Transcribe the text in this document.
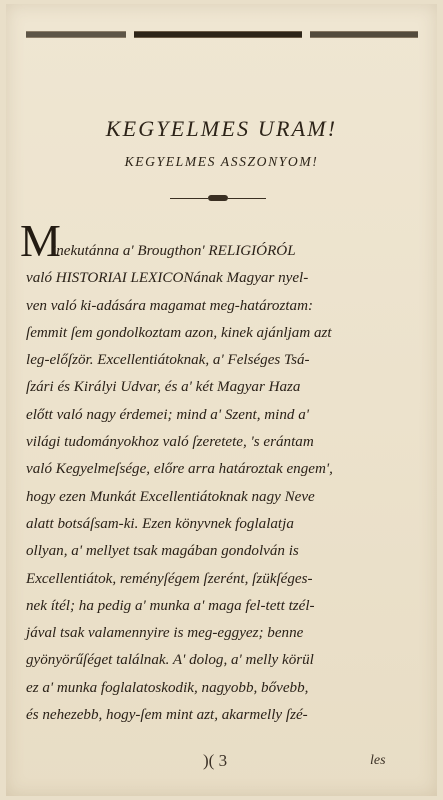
KEGYELMES URAM!
KEGYELMES ASSZONYOM!
M
inekutánna a' Brougthon' RELIGIÓRÓL
való HISTORIAI LEXICONának Magyar nyel-
ven való ki-adására magamat meg-határoztam:
ſemmit ſem gondolkoztam azon, kinek ajánljam azt
leg-előſzör. Excellentiátoknak, a' Felséges Tsá-
ſzári és Királyi Udvar, és a' két Magyar Haza
előtt való nagy érdemei; mind a' Szent, mind a'
világi tudományokhoz való ſzeretete, 's erántam
való Kegyelmeſsége, előre arra határoztak engem',
hogy ezen Munkát Excellentiátoknak nagy Neve
alatt botsáſsam-ki. Ezen könyvnek foglalatja
ollyan, a' mellyet tsak magában gondolván is
Excellentiátok, reményſégem ſzerént, ſzükſéges-
nek ítél; ha pedig a' munka a' maga fel-tett tzél-
jával tsak valamennyire is meg-eggyez; benne
gyönyörűſéget találnak. A' dolog, a' melly körül
ez a' munka foglalatoskodik, nagyobb, bővebb,
és nehezebb, hogy-ſem mint azt, akarmelly ſzé-
)( 3	les
